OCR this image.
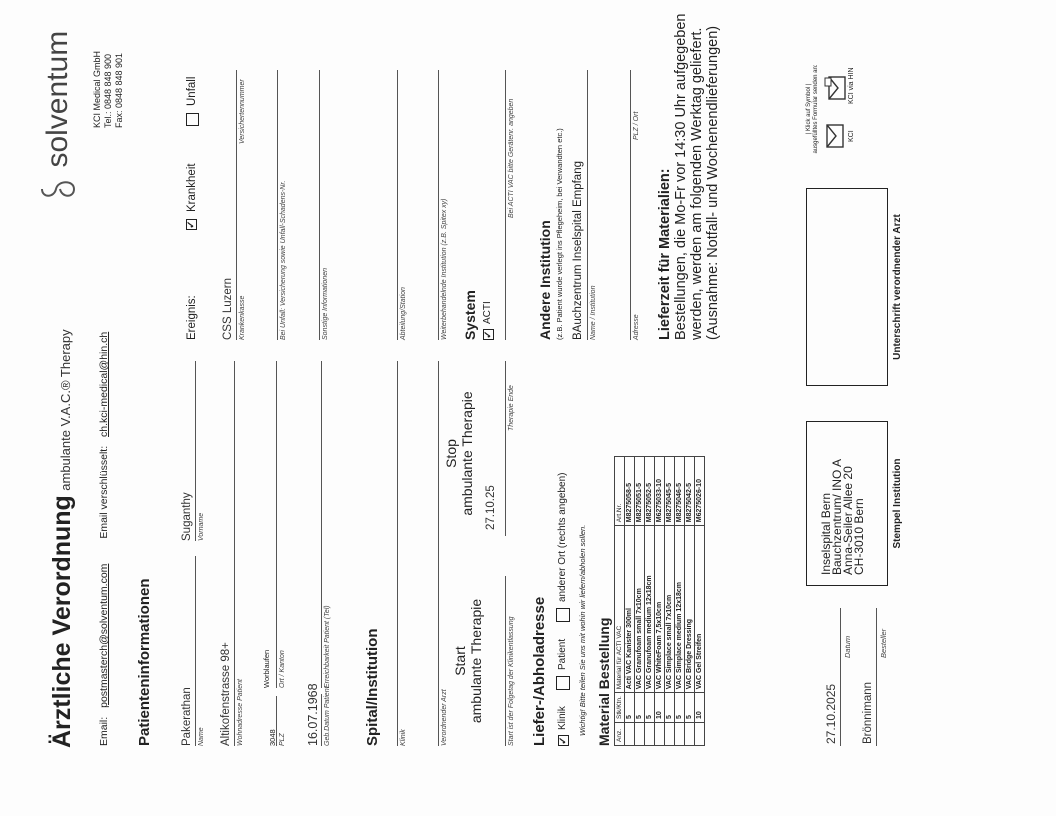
Ärztliche Verordnung ambulante V.A.C.® Therapy
Email: postmasterch@solventum.com Email verschlüsselt: ch.kci-medical@hin.ch
solventum	KCI Medical GmbH Tel.: 0848 848 900 Fax: 0848 848 901
Patienteninformationen Pakerathan Name
Suganthy Vorname
Altikofenstrasse 98+ Wohnadresse Patient	3048
Worblaufen
PLZ
Ort / Kanton
16.07.1968 Geb.Datum Patient
Erreichbarkeit Patient (Tel)
Ereignis:
✓
Krankheit
Unfall
CSS Luzern Krankenkasse
Versichertennummer
Bei Unfall: Versicherung sowie Unfall-Schadens-Nr.	Sonstige Informationen
Spital/Institution	Klinik
Abteilung/Station
Verordnender Arzt
Weiterbehandelnde Institution (z.B. Spitex xy)
Start ambulante Therapie	Start ist der Folgetag der Klinikentlassung
Stop ambulante Therapie 27.10.25
Therapie Ende
System ✓
ACTI
Bei ACTI VAC bitte Gerätenr. angeben
Liefer-/Abholadresse ✓
Klinik
Patient
anderer Ort (rechts angeben) Wichtig! Bitte teilen Sie uns mit wohin wir liefern/abholen sollen.
Andere Institution (z.B. Patient wurde verlegt ins Pflegeheim, bei Verwandten etc.) BAuchzentrum Inselspital Empfang Name / Institution	Adresse
PLZ / Ort
Material Bestellung Anz.	Stk/Ktn.	Material für ACTI VAC	Art.Nr.
	5	Acti VAC Kanister 300ml	M8275058-5
	5	VAC Granufoam small 7x10cm	M8275051-5
	5	VAC Granufoam medium 12x18cm	M8275052-5
	10	VAC WhiteFoam 7,5x10cm	M6275033-10
	5	VAC Simplace small 7x10cm	M8275045-5
	5	VAC Simplace medium 12x18cm	M8275046-5
	5	VAC Bridge Dressing	M8275042-5
	10	VAC Gel Streifen	M6275026-10
Lieferzeit für Materialien: Bestellungen, die Mo-Fr vor 14:30 Uhr aufgegeben werden, werden am folgenden Werktag geliefert. (Ausnahme: Notfall- und Wochenendlieferungen)
27.10.2025
Datum
Brönnimann
Besteller
Inselspital Bern
Bauchzentrum/ INO A
Anna-Seiler Allee 20
CH-3010 Bern	Stempel Institution
Unterschrift verordnender Arzt
| Klick auf Symbol | ausgefülltes Formular senden an:	KCI
KCI via HIN
